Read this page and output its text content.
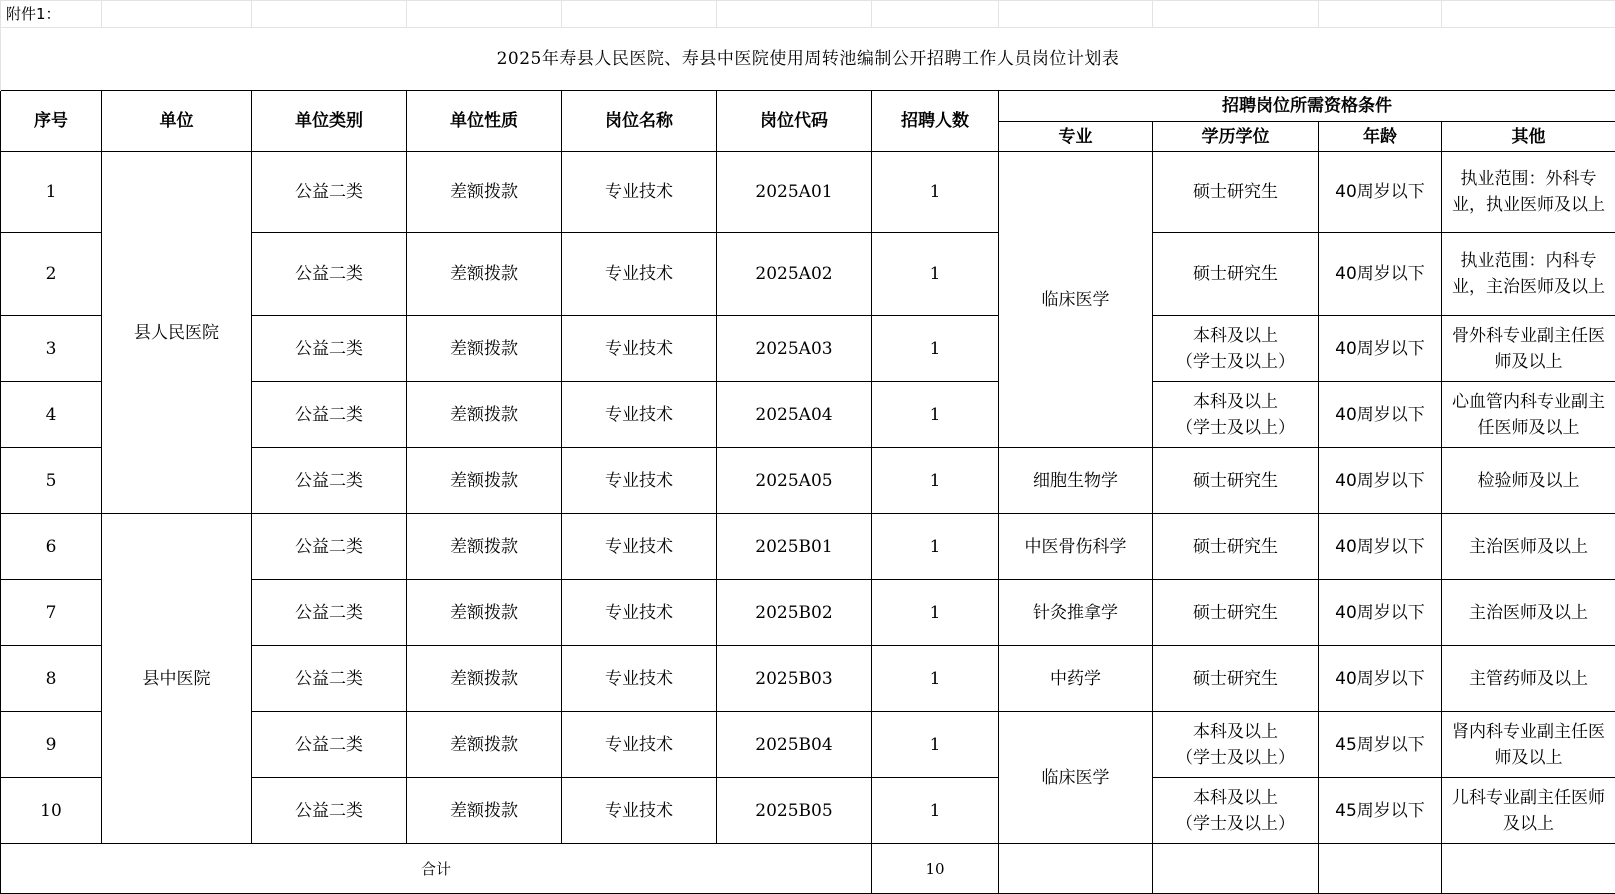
附件1：										
2025年寿县人民医院、寿县中医院使用周转池编制公开招聘工作人员岗位计划表										
序号	单位	单位类别	单位性质	岗位名称	岗位代码	招聘人数	招聘岗位所需资格条件			
							专业	学历学位	年龄	其他
1	县人民医院	公益二类	差额拨款	专业技术	2025A01	1	临床医学	硕士研究生	40周岁以下	执业范围：外科专业，执业医师及以上
2		公益二类	差额拨款	专业技术	2025A02	1		硕士研究生	40周岁以下	执业范围：内科专业，主治医师及以上
3		公益二类	差额拨款	专业技术	2025A03	1		本科及以上
（学士及以上）	40周岁以下	骨外科专业副主任医师及以上
4		公益二类	差额拨款	专业技术	2025A04	1		本科及以上
（学士及以上）	40周岁以下	心血管内科专业副主任医师及以上
5		公益二类	差额拨款	专业技术	2025A05	1	细胞生物学	硕士研究生	40周岁以下	检验师及以上
6	县中医院	公益二类	差额拨款	专业技术	2025B01	1	中医骨伤科学	硕士研究生	40周岁以下	主治医师及以上
7		公益二类	差额拨款	专业技术	2025B02	1	针灸推拿学	硕士研究生	40周岁以下	主治医师及以上
8		公益二类	差额拨款	专业技术	2025B03	1	中药学	硕士研究生	40周岁以下	主管药师及以上
9		公益二类	差额拨款	专业技术	2025B04	1	临床医学	本科及以上
（学士及以上）	45周岁以下	肾内科专业副主任医师及以上
10		公益二类	差额拨款	专业技术	2025B05	1		本科及以上
（学士及以上）	45周岁以下	儿科专业副主任医师及以上
合计						10				
